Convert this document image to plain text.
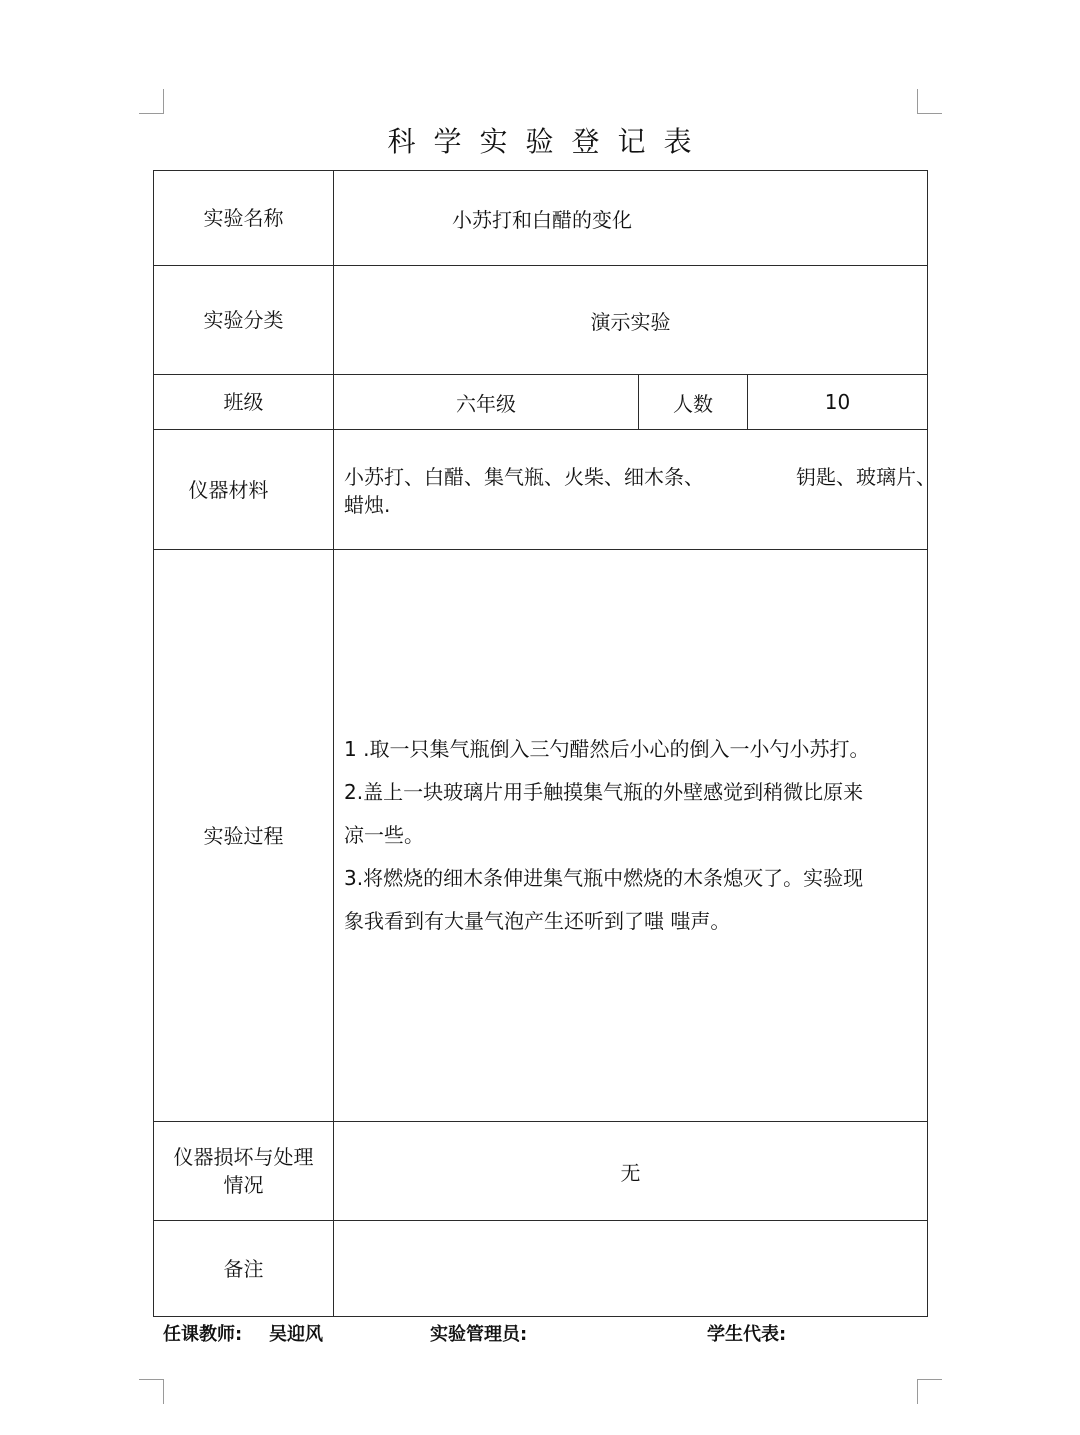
科学实验登记表
实验名称	小苏打和白醋的变化		
实验分类	演示实验		
班级	六年级	人数	10
仪器材料	小苏打、白醋、集气瓶、火柴、细木条、 钥匙、玻璃片、
蜡烛.		

实验过程	1 .取一只集气瓶倒入三勺醋然后小心的倒入一小勺小苏打。

2.盖上一块玻璃片用手触摸集气瓶的外壁感觉到稍微比原来

凉一些。

3.将燃烧的细木条伸进集气瓶中燃烧的木条熄灭了。实验现

象我看到有大量气泡产生还听到了嗤 嗤声。		

仪器损坏与处理
情况	无		
备注			
任课教师: 吴迎风	实验管理员:	学生代表:
